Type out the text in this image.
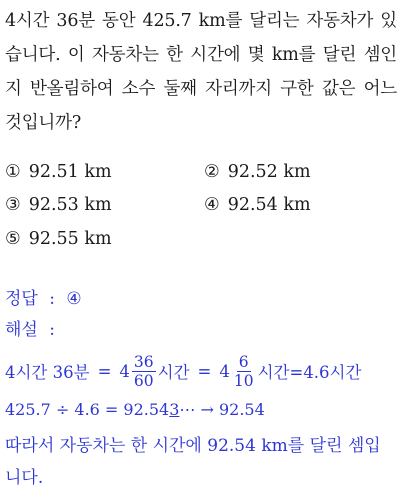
4시간 36분 동안 425.7 km를 달리는 자동차가 있습니다. 이 자동차는 한 시간에 몇 km를 달린 셈인지 반올림하여 소수 둘째 자리까지 구한 값은 어느 것입니까?
① 92.51 km	② 92.52 km
③ 92.53 km	④ 92.54 km
⑤ 92.55 km
정답 : ④
해설 :
4시간 36분 = $4 \frac{36}{60}$ 시간 = $4 \frac{6}{10}$ 시간=4.6시간
425.7 ÷ 4.6 = 92.543⋯ → 92.54
따라서 자동차는 한 시간에 92.54 km를 달린 셈입니다.
